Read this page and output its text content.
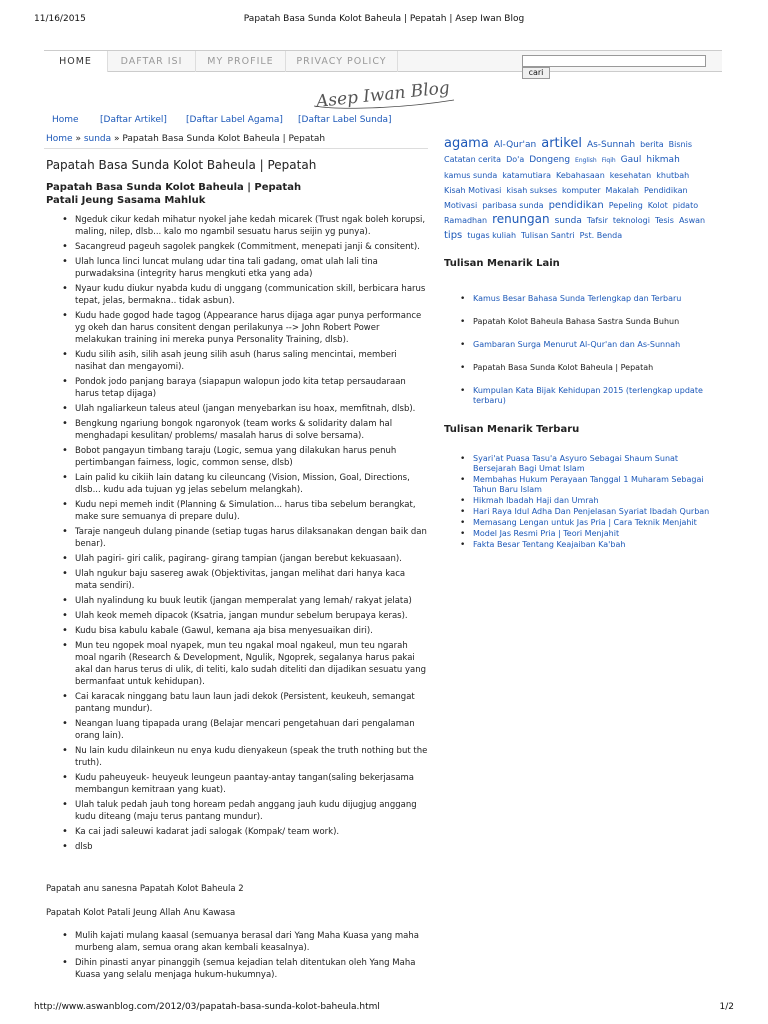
11/16/2015	Papatah Basa Sunda Kolot Baheula | Pepatah | Asep Iwan Blog
HOME	DAFTAR ISI	MY PROFILE	PRIVACY POLICY
cari
Asep Iwan Blog
Home [Daftar Artikel] [Daftar Label Agama] [Daftar Label Sunda]
Home » sunda » Papatah Basa Sunda Kolot Baheula | Pepatah
Papatah Basa Sunda Kolot Baheula | Pepatah
Papatah Basa Sunda Kolot Baheula | Pepatah
Patali Jeung Sasama Mahluk
• Ngeduk cikur kedah mihatur nyokel jahe kedah micarek (Trust ngak boleh korupsi, maling, nilep, dlsb... kalo mo ngambil sesuatu harus seijin yg punya).
• Sacangreud pageuh sagolek pangkek (Commitment, menepati janji & consitent).
• Ulah lunca linci luncat mulang udar tina tali gadang, omat ulah lali tina purwadaksina (integrity harus mengkuti etka yang ada)
• Nyaur kudu diukur nyabda kudu di unggang (communication skill, berbicara harus tepat, jelas, bermakna.. tidak asbun).
• Kudu hade gogod hade tagog (Appearance harus dijaga agar punya performance yg okeh dan harus consitent dengan perilakunya --> John Robert Power melakukan training ini mereka punya Personality Training, dlsb).
• Kudu silih asih, silih asah jeung silih asuh (harus saling mencintai, memberi nasihat dan mengayomi).
• Pondok jodo panjang baraya (siapapun walopun jodo kita tetap persaudaraan harus tetap dijaga)
• Ulah ngaliarkeun taleus ateul (jangan menyebarkan isu hoax, memfitnah, dlsb).
• Bengkung ngariung bongok ngaronyok (team works & solidarity dalam hal menghadapi kesulitan/ problems/ masalah harus di solve bersama).
• Bobot pangayun timbang taraju (Logic, semua yang dilakukan harus penuh pertimbangan fairness, logic, common sense, dlsb)
• Lain palid ku cikiih lain datang ku cileuncang (Vision, Mission, Goal, Directions, dlsb... kudu ada tujuan yg jelas sebelum melangkah).
• Kudu nepi memeh indit (Planning & Simulation... harus tiba sebelum berangkat, make sure semuanya di prepare dulu).
• Taraje nangeuh dulang pinande (setiap tugas harus dilaksanakan dengan baik dan benar).
• Ulah pagiri- giri calik, pagirang- girang tampian (jangan berebut kekuasaan).
• Ulah ngukur baju sasereg awak (Objektivitas, jangan melihat dari hanya kaca mata sendiri).
• Ulah nyalindung ku buuk leutik (jangan memperalat yang lemah/ rakyat jelata)
• Ulah keok memeh dipacok (Ksatria, jangan mundur sebelum berupaya keras).
• Kudu bisa kabulu kabale (Gawul, kemana aja bisa menyesuaikan diri).
• Mun teu ngopek moal nyapek, mun teu ngakal moal ngakeul, mun teu ngarah moal ngarih (Research & Development, Ngulik, Ngoprek, segalanya harus pakai akal dan harus terus di ulik, di teliti, kalo sudah diteliti dan dijadikan sesuatu yang bermanfaat untuk kehidupan).
• Cai karacak ninggang batu laun laun jadi dekok (Persistent, keukeuh, semangat pantang mundur).
• Neangan luang tipapada urang (Belajar mencari pengetahuan dari pengalaman orang lain).
• Nu lain kudu dilainkeun nu enya kudu dienyakeun (speak the truth nothing but the truth).
• Kudu paheuyeuk- heuyeuk leungeun paantay-antay tangan(saling bekerjasama membangun kemitraan yang kuat).
• Ulah taluk pedah jauh tong hoream pedah anggang jauh kudu dijugjug anggang kudu diteang (maju terus pantang mundur).
• Ka cai jadi saleuwi kadarat jadi salogak (Kompak/ team work).
• dlsb
Papatah anu sanesna Papatah Kolot Baheula 2
Papatah Kolot Patali Jeung Allah Anu Kawasa
• Mulih kajati mulang kaasal (semuanya berasal dari Yang Maha Kuasa yang maha murbeng alam, semua orang akan kembali keasalnya).
• Dihin pinasti anyar pinanggih (semua kejadian telah ditentukan oleh Yang Maha Kuasa yang selalu menjaga hukum-hukumnya).
agama Al-Qur'an artikel As-Sunnah berita BisnisCatatan cerita Do'a Dongeng English Fiqih Gaul hikmahkamus sunda katamutiara Kebahasaan kesehatan khutbahKisah Motivasi kisah sukses komputer Makalah PendidikanMotivasi paribasa sunda pendidikan Pepeling Kolot pidatoRamadhan renungan sunda Tafsir teknologi Tesis Aswantips tugas kuliah Tulisan Santri Pst. Benda
Tulisan Menarik Lain
• Kamus Besar Bahasa Sunda Terlengkap dan Terbaru
• Papatah Kolot Baheula Bahasa Sastra Sunda Buhun
• Gambaran Surga Menurut Al-Qur'an dan As-Sunnah
• Papatah Basa Sunda Kolot Baheula | Pepatah
• Kumpulan Kata Bijak Kehidupan 2015 (terlengkap update terbaru)
Tulisan Menarik Terbaru
• Syari'at Puasa Tasu'a Asyuro Sebagai Shaum Sunat Bersejarah Bagi Umat Islam
• Membahas Hukum Perayaan Tanggal 1 Muharam Sebagai Tahun Baru Islam
• Hikmah Ibadah Haji dan Umrah
• Hari Raya Idul Adha Dan Penjelasan Syariat Ibadah Qurban
• Memasang Lengan untuk Jas Pria | Cara Teknik Menjahit
• Model Jas Resmi Pria | Teori Menjahit
• Fakta Besar Tentang Keajaiban Ka'bah
http://www.aswanblog.com/2012/03/papatah-basa-sunda-kolot-baheula.html	1/2
